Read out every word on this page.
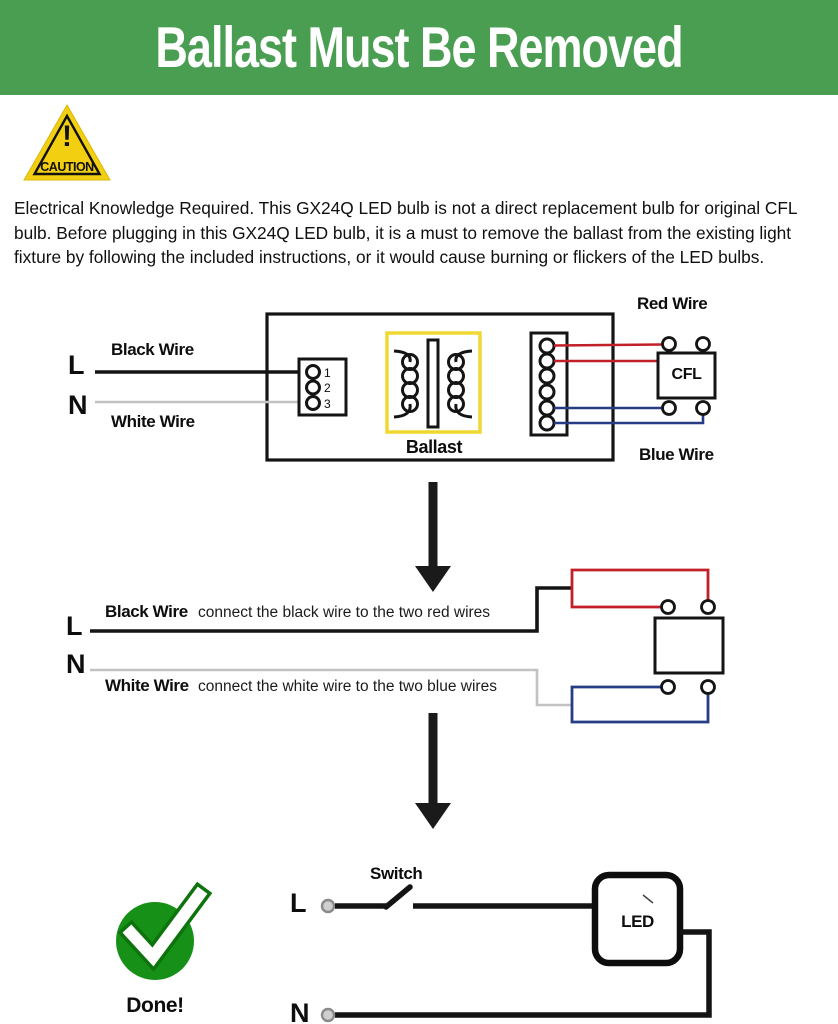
Ballast Must Be Removed
!
CAUTION
Electrical Knowledge Required. This GX24Q LED bulb is not a direct replacement bulb for original CFL bulb. Before plugging in this GX24Q LED bulb, it is a must to remove the ballast from the existing light fixture by following the included instructions, or it would cause burning or flickers of the LED bulbs.
L
N
Black Wire
White Wire
1
2
3
Ballast
CFL
Red Wire
Blue Wire
L
N
Black Wire connect the black wire to the two red wires
White Wire connect the white wire to the two blue wires
Switch
L
N
LED
Done!
